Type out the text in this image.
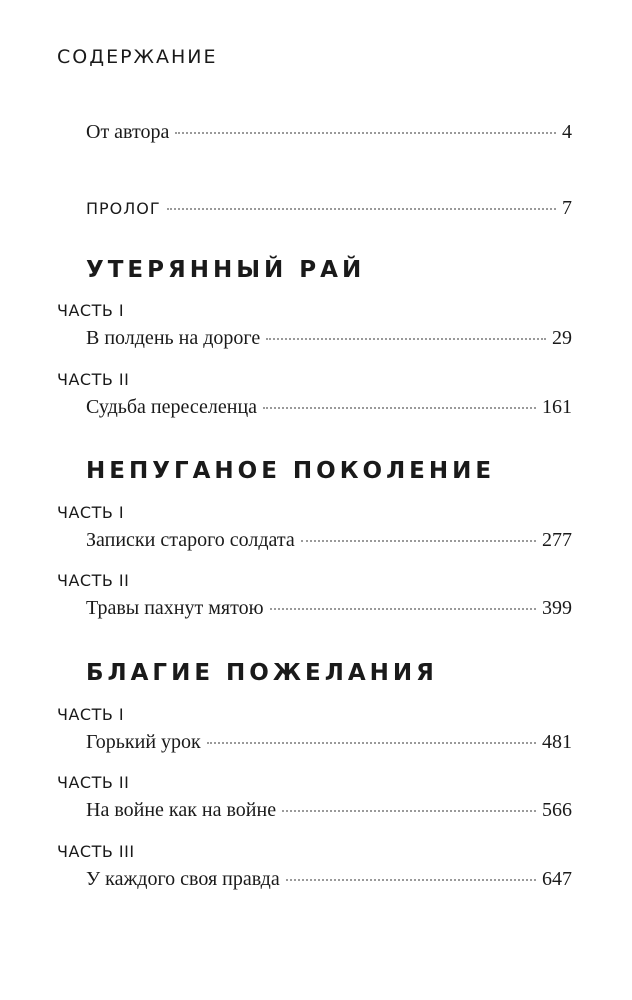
СОДЕРЖАНИЕ
От автора	4
ПРОЛОГ	7
УТЕРЯННЫЙ РАЙ
ЧАСТЬ I
В полдень на дороге	29
ЧАСТЬ II
Судьба переселенца	161
НЕПУГАНОЕ ПОКОЛЕНИЕ
ЧАСТЬ I
Записки старого солдата	277
ЧАСТЬ II
Травы пахнут мятою	399
БЛАГИЕ ПОЖЕЛАНИЯ
ЧАСТЬ I
Горький урок	481
ЧАСТЬ II
На войне как на войне	566
ЧАСТЬ III
У каждого своя правда	647
